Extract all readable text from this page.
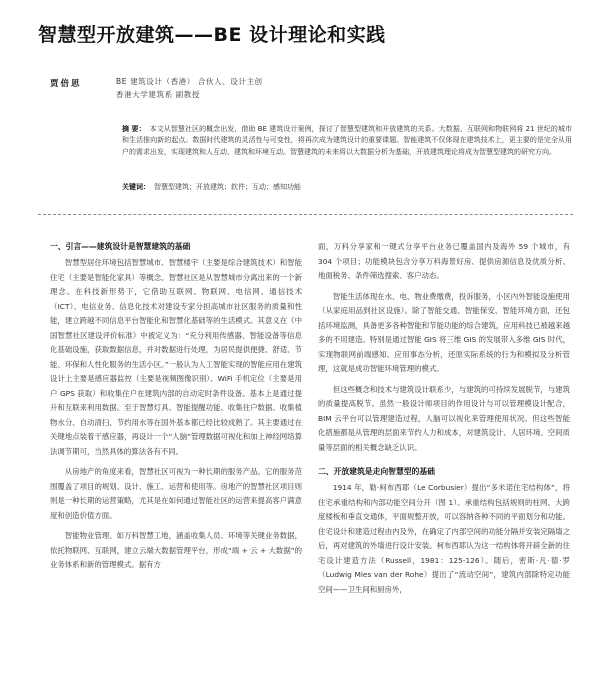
智慧型开放建筑——BE 设计理论和实践
贾倍思	BE 建筑设计（香港） 合伙人、设计主创
香港大学建筑系 副教授
摘 要： 本文从智慧社区的概念出发，借助 BE 建筑设计案例，探讨了智慧型建筑和开放建筑的关系。大数据、互联网和物联网将 21 世纪的城市和生活推向新的起点。数据时代建筑的灵活性与可变性，将再次成为建筑设计的重要课题。智能建筑不仅体现在建筑技术上，更主要的是完全从用户的需求出发，实现建筑和人互动，建筑和环境互动。智慧建筑的未来将以大数据分析为基础，开放建筑理论将成为智慧型建筑的研究方向。
关键词： 智慧型建筑；开放建筑；软件；互动；感知功能
一、引言——建筑设计是智慧建筑的基础

智慧型居住环境包括智慧城市、智慧楼宇（主要是综合建筑技术）和智能住宅（主要是智能化家具）等概念。智慧社区是从智慧城市分离出来的一个新理念。在科技新形势下，它借助互联网、物联网、电信网、通信技术（ICT）、电信业务、信息化技术对建设专家分担高城市社区服务的质量和性能，建立跨越不同信息平台智能化和智慧化基础等的生活模式。其意义在《中国智慧社区建设评价标准》中被定义为：“充分利用传感器、智能设备等信息化基础设施，获取数据信息，并对数据进行处理，为居民提供便捷、舒适、节能、环保和人性化服务的生活小区。”一般认为人工智能实现的智能应用在建筑设计上主要是感应器监控（主要是视频图像识别）、WiFi 手机定位（主要是用户 GPS 获取）和收集住户在建筑内部的自动定时条件设备。基本上是通过提升和互联来利用数据。至于智慧灯具、智能提醒功能、收集住户数据、收集植物水分、自动清扫、节约用水等在国外基本都已经比较成熟了。其主要通过在关键地点装着干感应器，再设计一个“人脑”管理数据可视化和加上神经网络算法调节期可，当然具体的算法各有不同。

从房地产的角度来看，智慧社区可视为一种长期的服务产品。它的服务范围覆盖了项目的规划、设计、施工、运营和使用等。房地产的智慧社区项目则则是一种长期的运营策略，尤其是在如何通过智能社区的运营来提高客户满意度和创造价值方面。

智能物业管理、如万科智慧工地，涵盖收集人员、环境等关键业务数据，依托物联网、互联网，建立云端大数据管理平台，形成“端 + 云 + 大数据”的业务体系和新的管理模式。据有方

面，万科分享家和一键式分享平台业务已覆盖国内及海外 59 个城市，有 304 个项目；功能模块包含分享万科海景好房、提供房源信息及优质分析、地面税务、条件筛选搜索、客户动态。

智能生活体现在水、电、物业费缴费，投诉服务，小区内外智能设施使用（从家庭用品到社区设施）。除了智能交通、智能保安、智能环境方面，还包括环境监测，具备更多各种智能和节能功能的综合建筑，应用科技已被越来越多的不用建造。特别是通过智能 GIS 将三维 GIS 的发展带入多维 GIS 时代，实现物联网前端感知、应用事态分析，还原实际系统的行为和模拟及分析管理，这就是成功智能环境管理的模式。

但这些概念和技术与建筑设计联系少，与建筑的可持续发展脱节，与建筑的质量提高脱节。虽然一般设计师项目的作用设计与可以管理模设计配合，BIM 云平台可以管理建造过程，人脑可以视化来管理使用状况。但这些智能化措施都是从管理的层面来节约人力和成本，对建筑设计、人居环境、空间质量等层面的相关概念缺乏认识。

二、开放建筑是走向智慧型的基础

1914 年，勒·柯布西耶（Le Corbusier）提出“多米诺住宅结构体”，将住宅承重结构和内部功能空间分开（图 1）。承重结构包括规则的柱网、大跨度楼板和垂直交通体，平面规整开放，可以容纳各种不同的平面划分和功能。住宅设计和建造过程由内及外，在确定了内部空间的功能分隔并安装完隔墙之后，再对建筑的外墙进行设计安装。柯布西耶认为这一结构体将开辟全新的住宅设计建造方法（Russell，1981：125-126）。随后，密斯·凡·德·罗（Ludwig Mies van der Rohe）提出了“流动空间”，建筑内部除特定功能空间——卫生间和厨房外，
